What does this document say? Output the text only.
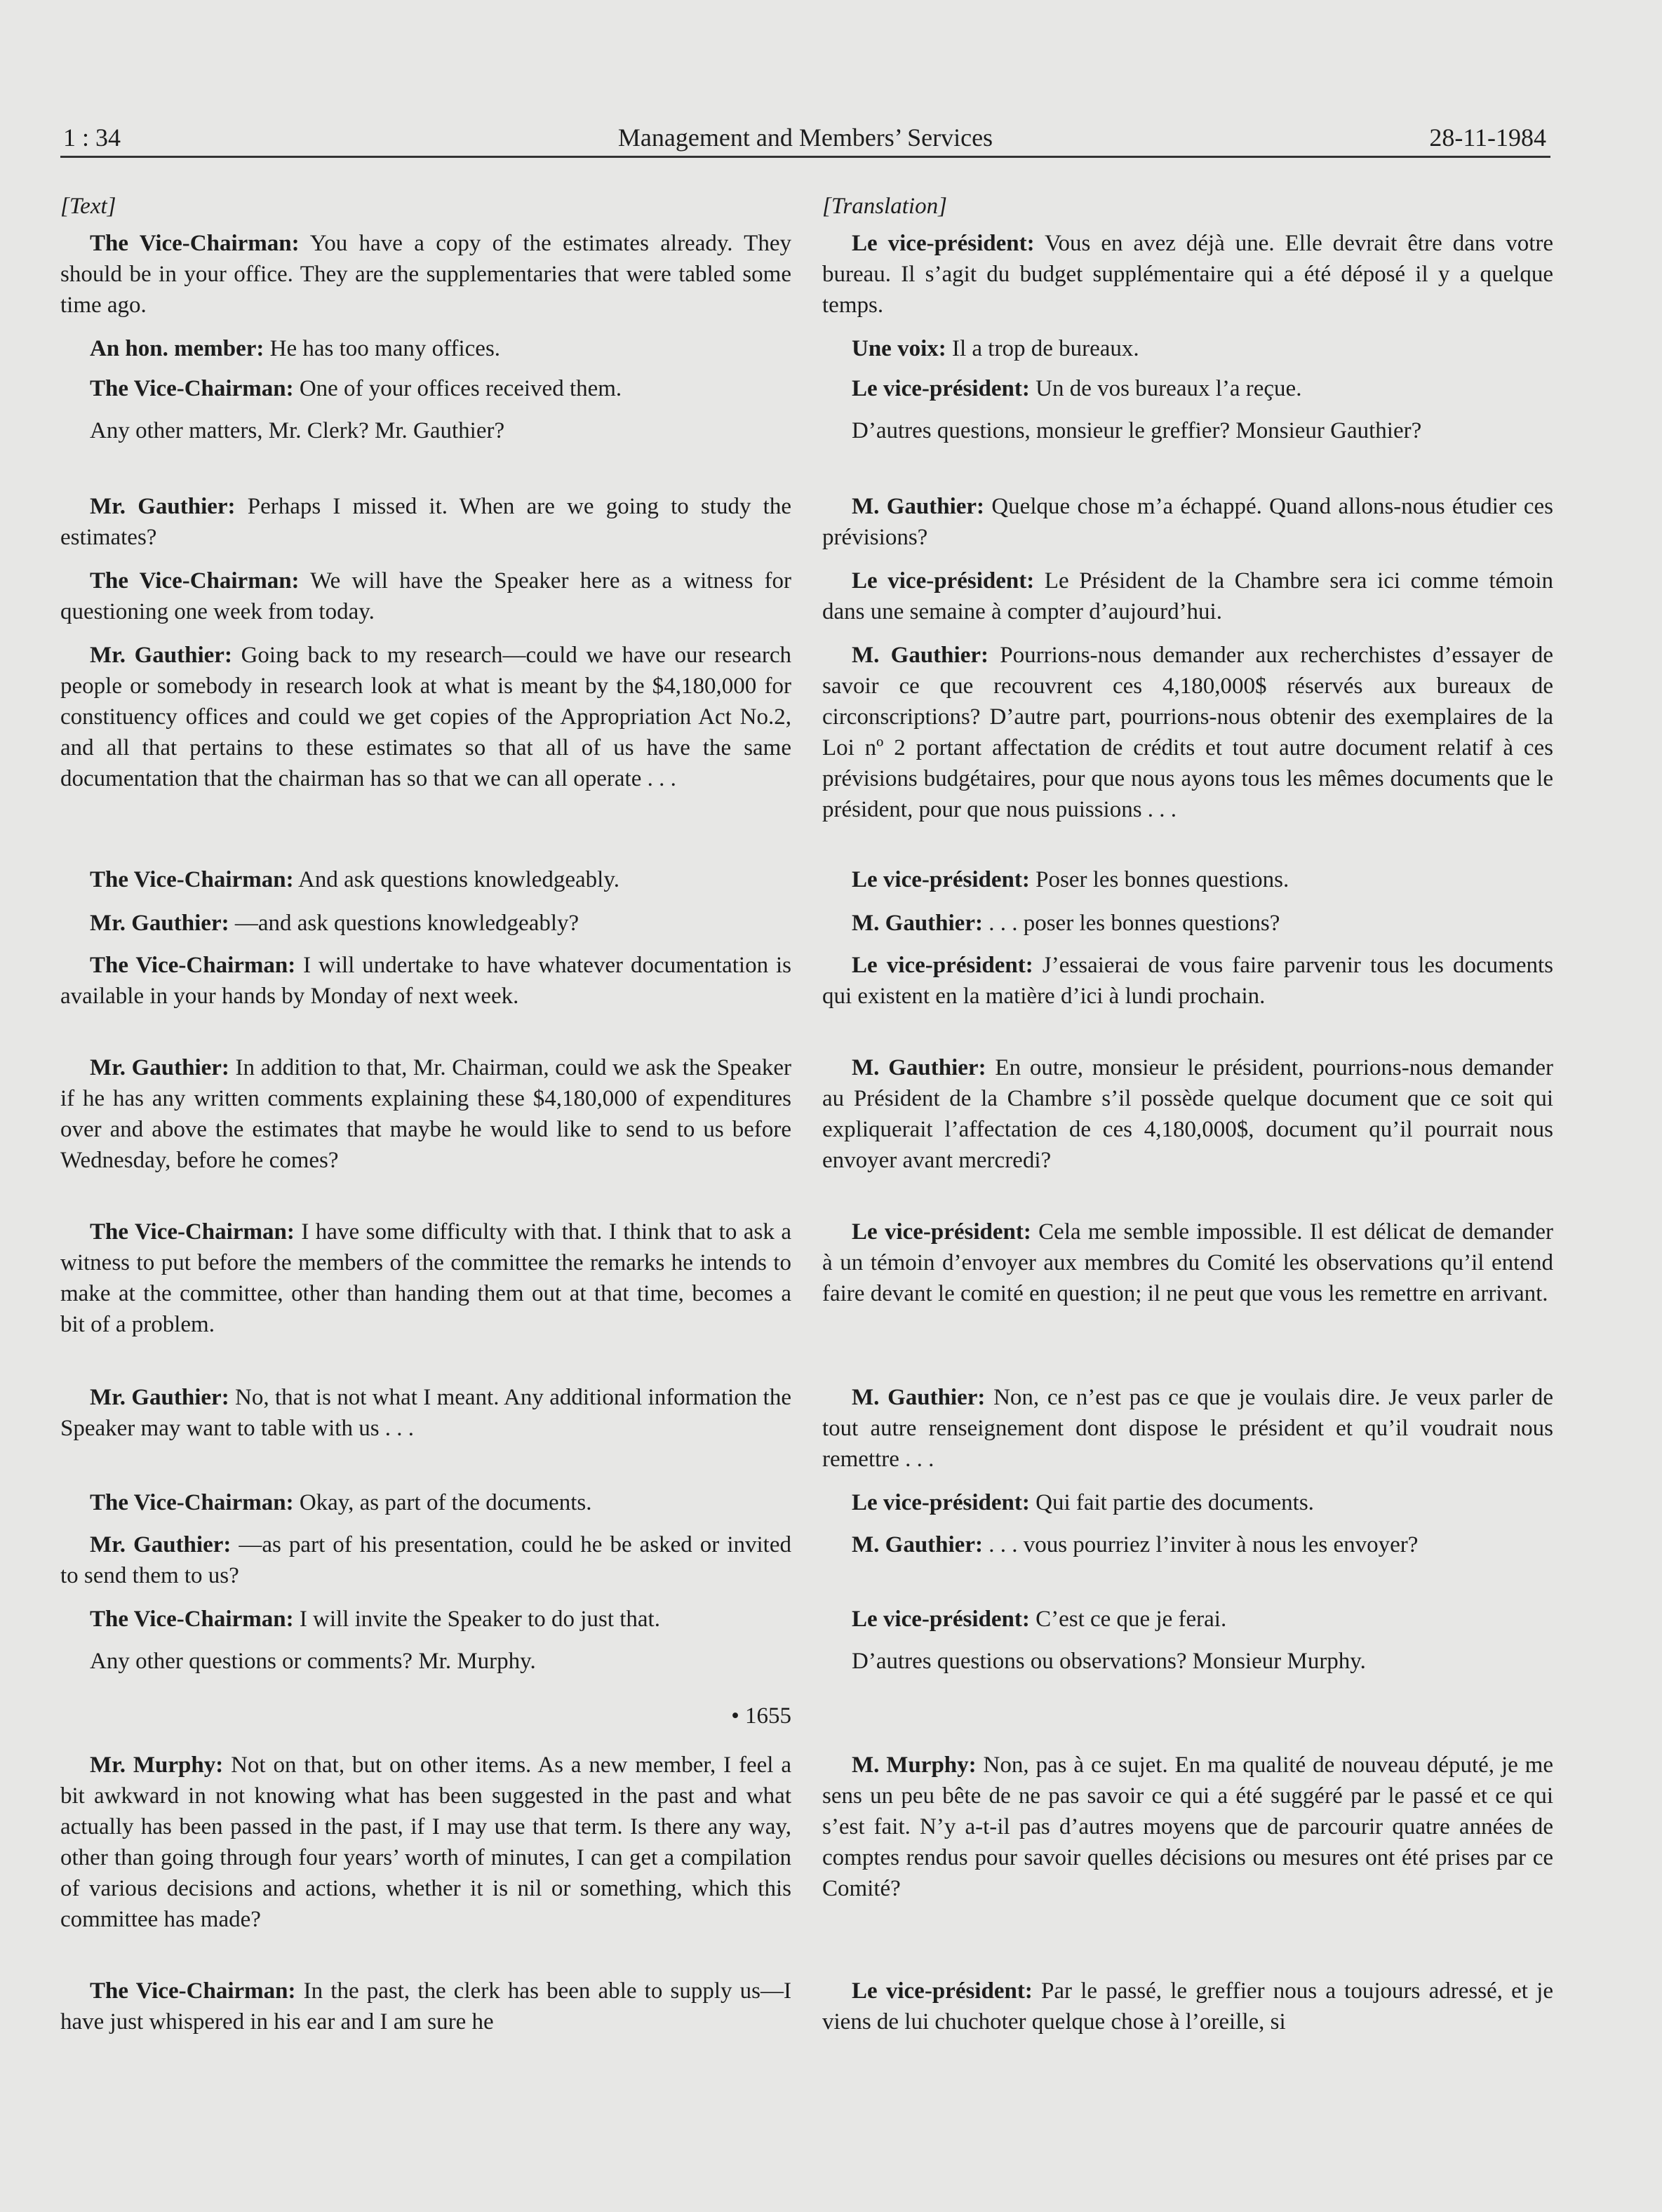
1 : 34	Management and Members’ Services	28-11-1984

[Text]

The Vice-Chairman: You have a copy of the estimates already. They should be in your office. They are the supplementaries that were tabled some time ago.

An hon. member: He has too many offices.

The Vice-Chairman: One of your offices received them.

Any other matters, Mr. Clerk? Mr. Gauthier?

Mr. Gauthier: Perhaps I missed it. When are we going to study the estimates?

The Vice-Chairman: We will have the Speaker here as a witness for questioning one week from today.

Mr. Gauthier: Going back to my research—could we have our research people or somebody in research look at what is meant by the $4,180,000 for constituency offices and could we get copies of the Appropriation Act No.2, and all that pertains to these estimates so that all of us have the same documentation that the chairman has so that we can all operate . . .

The Vice-Chairman: And ask questions knowledgeably.

Mr. Gauthier: —and ask questions knowledgeably?

The Vice-Chairman: I will undertake to have whatever documentation is available in your hands by Monday of next week.

Mr. Gauthier: In addition to that, Mr. Chairman, could we ask the Speaker if he has any written comments explaining these $4,180,000 of expenditures over and above the estimates that maybe he would like to send to us before Wednesday, before he comes?

The Vice-Chairman: I have some difficulty with that. I think that to ask a witness to put before the members of the committee the remarks he intends to make at the committee, other than handing them out at that time, becomes a bit of a problem.

Mr. Gauthier: No, that is not what I meant. Any additional information the Speaker may want to table with us . . .

The Vice-Chairman: Okay, as part of the documents.

Mr. Gauthier: —as part of his presentation, could he be asked or invited to send them to us?

The Vice-Chairman: I will invite the Speaker to do just that.

Any other questions or comments? Mr. Murphy.

• 1655

Mr. Murphy: Not on that, but on other items. As a new member, I feel a bit awkward in not knowing what has been suggested in the past and what actually has been passed in the past, if I may use that term. Is there any way, other than going through four years’ worth of minutes, I can get a compilation of various decisions and actions, whether it is nil or something, which this committee has made?

The Vice-Chairman: In the past, the clerk has been able to supply us—I have just whispered in his ear and I am sure he

[Translation]

Le vice-président: Vous en avez déjà une. Elle devrait être dans votre bureau. Il s’agit du budget supplémentaire qui a été déposé il y a quelque temps.

Une voix: Il a trop de bureaux.

Le vice-président: Un de vos bureaux l’a reçue.

D’autres questions, monsieur le greffier? Monsieur Gauthier?

M. Gauthier: Quelque chose m’a échappé. Quand allons-nous étudier ces prévisions?

Le vice-président: Le Président de la Chambre sera ici comme témoin dans une semaine à compter d’aujourd’hui.

M. Gauthier: Pourrions-nous demander aux recherchistes d’essayer de savoir ce que recouvrent ces 4,180,000$ réservés aux bureaux de circonscriptions? D’autre part, pourrions-nous obtenir des exemplaires de la Loi nº 2 portant affectation de crédits et tout autre document relatif à ces prévisions budgétaires, pour que nous ayons tous les mêmes documents que le président, pour que nous puissions . . .

Le vice-président: Poser les bonnes questions.

M. Gauthier: . . . poser les bonnes questions?

Le vice-président: J’essaierai de vous faire parvenir tous les documents qui existent en la matière d’ici à lundi prochain.

M. Gauthier: En outre, monsieur le président, pourrions-nous demander au Président de la Chambre s’il possède quelque document que ce soit qui expliquerait l’affectation de ces 4,180,000$, document qu’il pourrait nous envoyer avant mercredi?

Le vice-président: Cela me semble impossible. Il est délicat de demander à un témoin d’envoyer aux membres du Comité les observations qu’il entend faire devant le comité en question; il ne peut que vous les remettre en arrivant.

M. Gauthier: Non, ce n’est pas ce que je voulais dire. Je veux parler de tout autre renseignement dont dispose le président et qu’il voudrait nous remettre . . .

Le vice-président: Qui fait partie des documents.

M. Gauthier: . . . vous pourriez l’inviter à nous les envoyer?

Le vice-président: C’est ce que je ferai.

D’autres questions ou observations? Monsieur Murphy.

M. Murphy: Non, pas à ce sujet. En ma qualité de nouveau député, je me sens un peu bête de ne pas savoir ce qui a été suggéré par le passé et ce qui s’est fait. N’y a-t-il pas d’autres moyens que de parcourir quatre années de comptes rendus pour savoir quelles décisions ou mesures ont été prises par ce Comité?

Le vice-président: Par le passé, le greffier nous a toujours adressé, et je viens de lui chuchoter quelque chose à l’oreille, si
